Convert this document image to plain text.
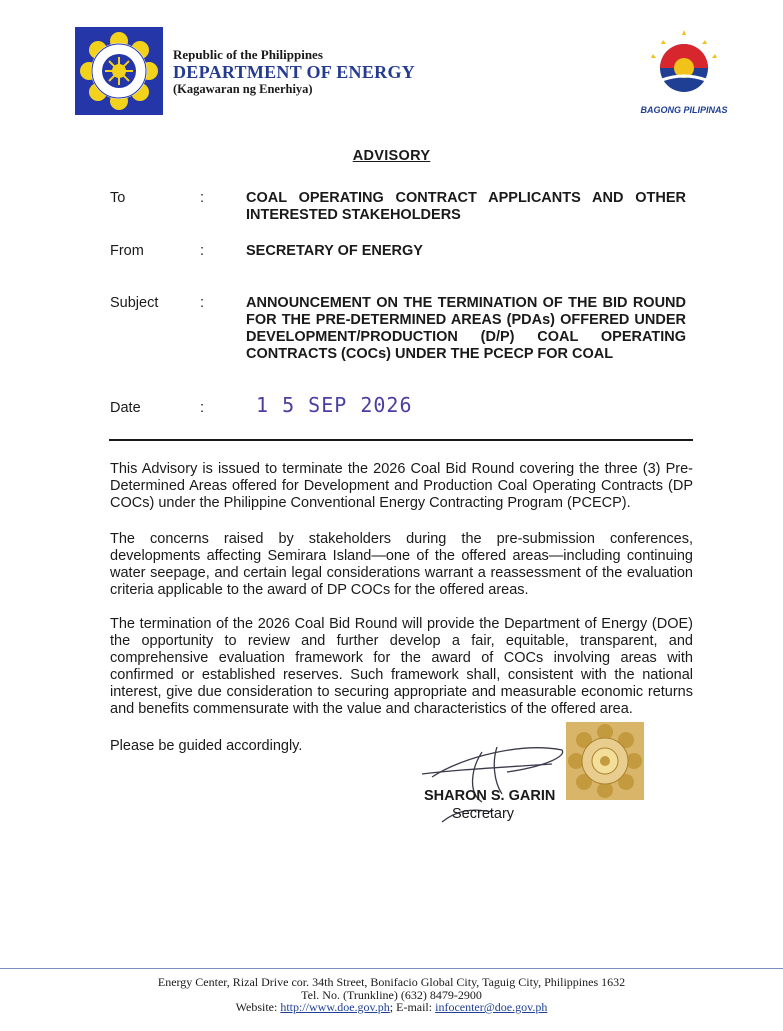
Republic of the Philippines
DEPARTMENT OF ENERGY
(Kagawaran ng Enerhiya)
BAGONG PILIPINAS
ADVISORY
To	:	COAL OPERATING CONTRACT APPLICANTS AND OTHER INTERESTED STAKEHOLDERS
From	:	SECRETARY OF ENERGY
Subject	:	ANNOUNCEMENT ON THE TERMINATION OF THE BID ROUND FOR THE PRE-DETERMINED AREAS (PDAs) OFFERED UNDER DEVELOPMENT/PRODUCTION (D/P) COAL OPERATING CONTRACTS (COCs) UNDER THE PCECP FOR COAL
Date	:	1 5 SEP 2026
This Advisory is issued to terminate the 2026 Coal Bid Round covering the three (3) Pre-Determined Areas offered for Development and Production Coal Operating Contracts (DP COCs) under the Philippine Conventional Energy Contracting Program (PCECP).
The concerns raised by stakeholders during the pre-submission conferences, developments affecting Semirara Island—one of the offered areas—including continuing water seepage, and certain legal considerations warrant a reassessment of the evaluation criteria applicable to the award of DP COCs for the offered areas.
The termination of the 2026 Coal Bid Round will provide the Department of Energy (DOE) the opportunity to review and further develop a fair, equitable, transparent, and comprehensive evaluation framework for the award of COCs involving areas with confirmed or established reserves. Such framework shall, consistent with the national interest, give due consideration to securing appropriate and measurable economic returns and benefits commensurate with the value and characteristics of the offered area.
Please be guided accordingly.
SHARON S. GARIN
Secretary
Energy Center, Rizal Drive cor. 34th Street, Bonifacio Global City, Taguig City, Philippines 1632
Tel. No. (Trunkline) (632) 8479-2900
Website: http://www.doe.gov.ph; E-mail: infocenter@doe.gov.ph
